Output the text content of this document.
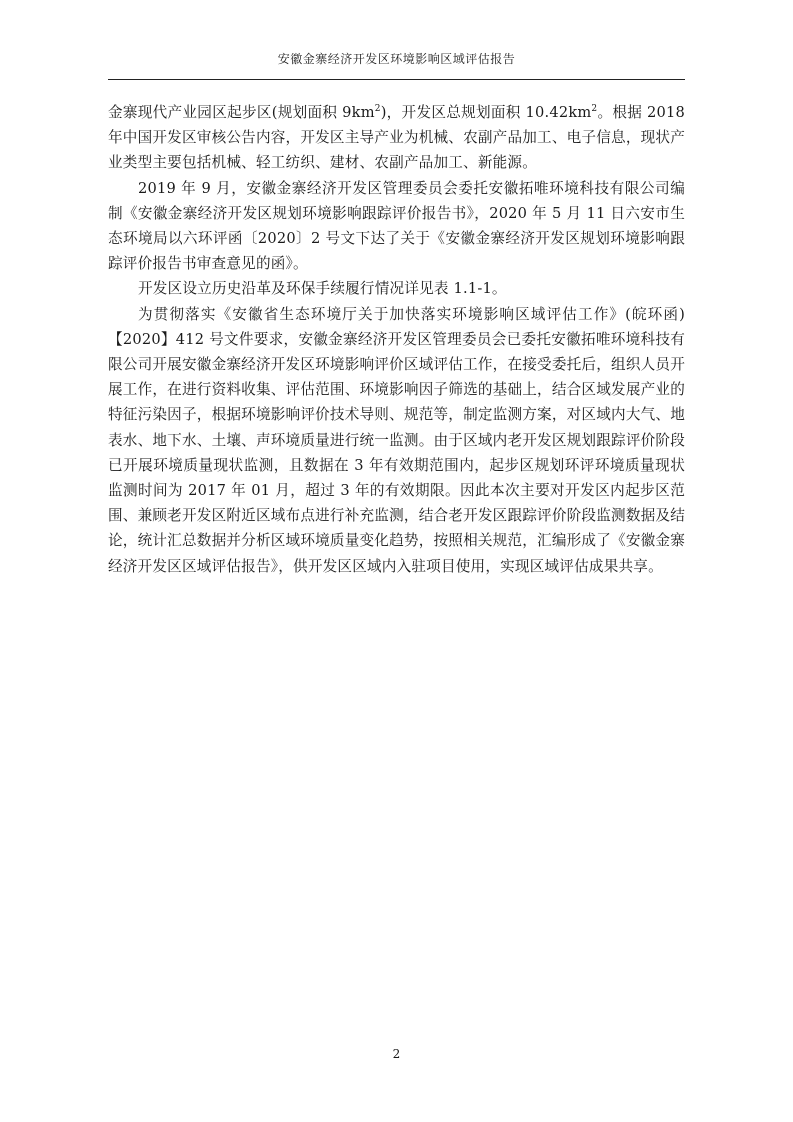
安徽金寨经济开发区环境影响区域评估报告

金寨现代产业园区起步区(规划面积 $9km^2$)，开发区总规划面积 $10.42km^2$。根据 2018 年中国开发区审核公告内容，开发区主导产业为机械、农副产品加工、电子信息，现状产业类型主要包括机械、轻工纺织、建材、农副产品加工、新能源。

2019 年 9 月，安徽金寨经济开发区管理委员会委托安徽拓唯环境科技有限公司编制《安徽金寨经济开发区规划环境影响跟踪评价报告书》，2020 年 5 月 11 日六安市生态环境局以六环评函〔2020〕2 号文下达了关于《安徽金寨经济开发区规划环境影响跟踪评价报告书审查意见的函》。

开发区设立历史沿革及环保手续履行情况详见表 1.1-1。

为贯彻落实《安徽省生态环境厅关于加快落实环境影响区域评估工作》(皖环函)【2020】412 号文件要求，安徽金寨经济开发区管理委员会已委托安徽拓唯环境科技有限公司开展安徽金寨经济开发区环境影响评价区域评估工作，在接受委托后，组织人员开展工作，在进行资料收集、评估范围、环境影响因子筛选的基础上，结合区域发展产业的特征污染因子，根据环境影响评价技术导则、规范等，制定监测方案，对区域内大气、地表水、地下水、土壤、声环境质量进行统一监测。由于区域内老开发区规划跟踪评价阶段已开展环境质量现状监测，且数据在 3 年有效期范围内，起步区规划环评环境质量现状监测时间为 2017 年 01 月，超过 3 年的有效期限。因此本次主要对开发区内起步区范围、兼顾老开发区附近区域布点进行补充监测，结合老开发区跟踪评价阶段监测数据及结论，统计汇总数据并分析区域环境质量变化趋势，按照相关规范，汇编形成了《安徽金寨经济开发区区域评估报告》，供开发区区域内入驻项目使用，实现区域评估成果共享。

2
